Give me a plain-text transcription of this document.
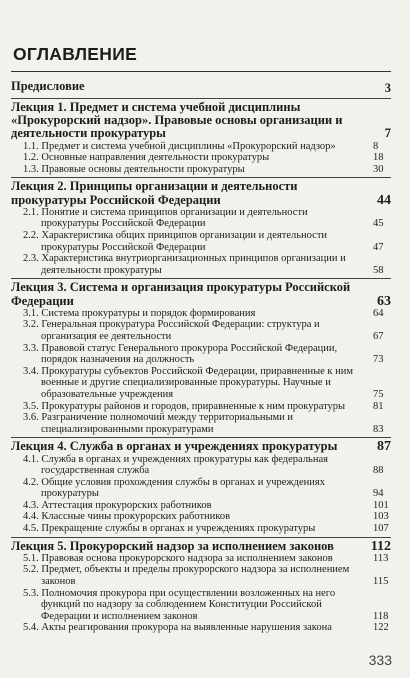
ОГЛАВЛЕНИЕ
Предисловие	3
Лекция 1. Предмет и система учебной дисциплины «Прокурорский надзор». Правовые основы организации и деятельности прокуратуры	7
1.1. Предмет и система учебной дисциплины «Прокурорский надзор»	8
1.2. Основные направления деятельности прокуратуры	18
1.3. Правовые основы деятельности прокуратуры	30
Лекция 2. Принципы организации и деятельности прокуратуры Российской Федерации	44
2.1. Понятие и система принципов организации и деятельности прокуратуры Российской Федерации	45
2.2. Характеристика общих принципов организации и деятельности прокуратуры Российской Федерации	47
2.3. Характеристика внутриорганизационных принципов организации и деятельности прокуратуры	58
Лекция 3. Система и организация прокуратуры Российской Федерации	63
3.1. Система прокуратуры и порядок формирования	64
3.2. Генеральная прокуратура Российской Федерации: структура и организация ее деятельности	67
3.3. Правовой статус Генерального прокурора Российской Федерации, порядок назначения на должность	73
3.4. Прокуратуры субъектов Российской Федерации, приравненные к ним военные и другие специализированные прокуратуры. Научные и образовательные учреждения	75
3.5. Прокуратуры районов и городов, приравненные к ним прокуратуры	81
3.6. Разграничение полномочий между территориальными и специализированными прокуратурами	83
Лекция 4. Служба в органах и учреждениях прокуратуры	87
4.1. Служба в органах и учреждениях прокуратуры как федеральная государственная служба	88
4.2. Общие условия прохождения службы в органах и учреждениях прокуратуры	94
4.3. Аттестация прокурорских работников	101
4.4. Классные чины прокурорских работников	103
4.5. Прекращение службы в органах и учреждениях прокуратуры	107
Лекция 5. Прокурорский надзор за исполнением законов	112
5.1. Правовая основа прокурорского надзора за исполнением законов	113
5.2. Предмет, объекты и пределы прокурорского надзора за исполнением законов	115
5.3. Полномочия прокурора при осуществлении возложенных на него функций по надзору за соблюдением Конституции Российской Федерации и исполнением законов	118
5.4. Акты реагирования прокурора на выявленные нарушения закона	122
333
